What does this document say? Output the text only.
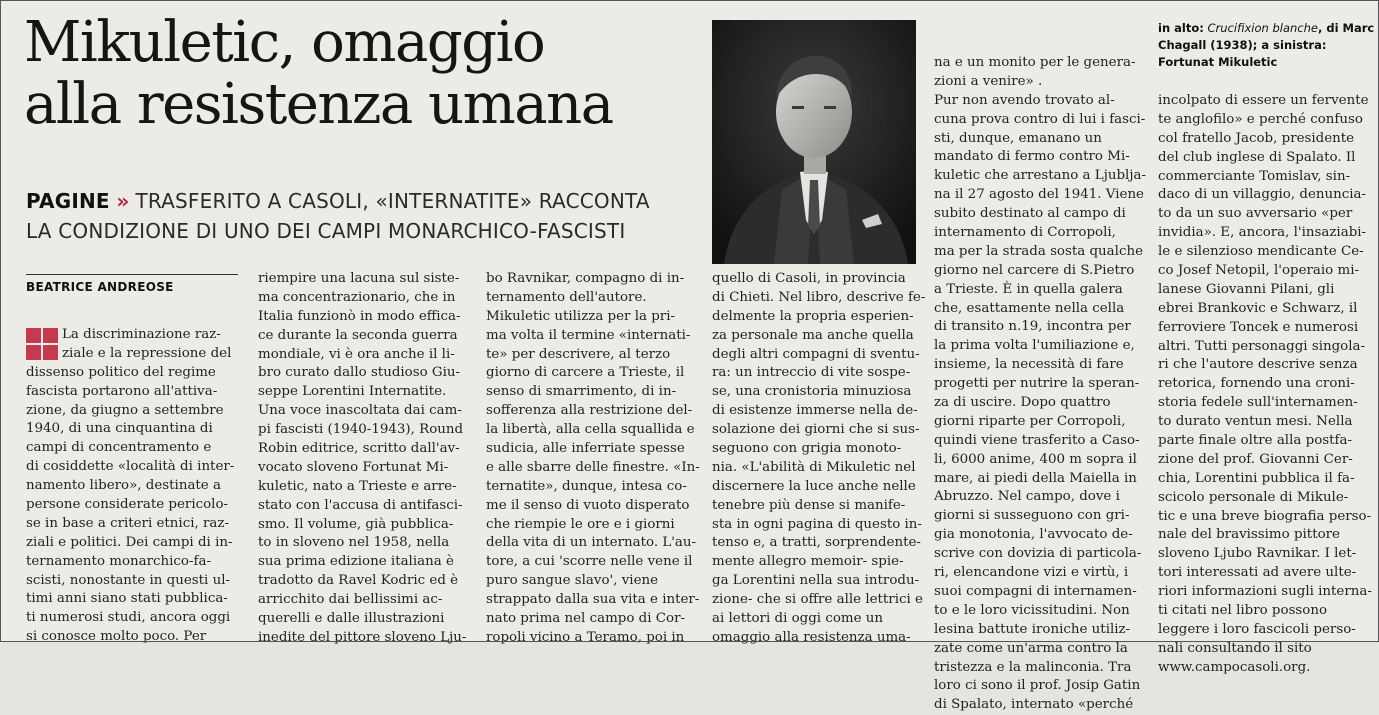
Mikuletic, omaggio
alla resistenza umana
PAGINE » TRASFERITO A CASOLI, «INTERNATITE» RACCONTA
LA CONDIZIONE DI UNO DEI CAMPI MONARCHICO-FASCISTI
BEATRICE ANDREOSE
La discriminazione raz-
ziale e la repressione del
dissenso politico del regime
fascista portarono all'attiva-
zione, da giugno a settembre
1940, di una cinquantina di
campi di concentramento e
di cosiddette «località di inter-
namento libero», destinate a
persone considerate pericolo-
se in base a criteri etnici, raz-
ziali e politici. Dei campi di in-
ternamento monarchico-fa-
scisti, nonostante in questi ul-
timi anni siano stati pubblica-
ti numerosi studi, ancora oggi
si conosce molto poco. Per
riempire una lacuna sul siste-
ma concentrazionario, che in
Italia funzionò in modo effica-
ce durante la seconda guerra
mondiale, vi è ora anche il li-
bro curato dallo studioso Giu-
seppe Lorentini Internatite.
Una voce inascoltata dai cam-
pi fascisti (1940-1943), Round
Robin editrice, scritto dall'av-
vocato sloveno Fortunat Mi-
kuletic, nato a Trieste e arre-
stato con l'accusa di antifasci-
smo. Il volume, già pubblica-
to in sloveno nel 1958, nella
sua prima edizione italiana è
tradotto da Ravel Kodric ed è
arricchito dai bellissimi ac-
querelli e dalle illustrazioni
inedite del pittore sloveno Lju-
bo Ravnikar, compagno di in-
ternamento dell'autore.
Mikuletic utilizza per la pri-
ma volta il termine «internati-
te» per descrivere, al terzo
giorno di carcere a Trieste, il
senso di smarrimento, di in-
sofferenza alla restrizione del-
la libertà, alla cella squallida e
sudicia, alle inferriate spesse
e alle sbarre delle finestre. «In-
ternatite», dunque, intesa co-
me il senso di vuoto disperato
che riempie le ore e i giorni
della vita di un internato. L'au-
tore, a cui 'scorre nelle vene il
puro sangue slavo', viene
strappato dalla sua vita e inter-
nato prima nel campo di Cor-
ropoli vicino a Teramo, poi in
quello di Casoli, in provincia
di Chieti. Nel libro, descrive fe-
delmente la propria esperien-
za personale ma anche quella
degli altri compagni di sventu-
ra: un intreccio di vite sospe-
se, una cronistoria minuziosa
di esistenze immerse nella de-
solazione dei giorni che si sus-
seguono con grigia monoto-
nia. «L'abilità di Mikuletic nel
discernere la luce anche nelle
tenebre più dense si manife-
sta in ogni pagina di questo in-
tenso e, a tratti, sorprendente-
mente allegro memoir- spie-
ga Lorentini nella sua introdu-
zione- che si offre alle lettrici e
ai lettori di oggi come un
omaggio alla resistenza uma-
na e un monito per le genera-
zioni a venire» .
Pur non avendo trovato al-
cuna prova contro di lui i fasci-
sti, dunque, emanano un
mandato di fermo contro Mi-
kuletic che arrestano a Ljublja-
na il 27 agosto del 1941. Viene
subito destinato al campo di
internamento di Corropoli,
ma per la strada sosta qualche
giorno nel carcere di S.Pietro
a Trieste. È in quella galera
che, esattamente nella cella
di transito n.19, incontra per
la prima volta l'umiliazione e,
insieme, la necessità di fare
progetti per nutrire la speran-
za di uscire. Dopo quattro
giorni riparte per Corropoli,
quindi viene trasferito a Caso-
li, 6000 anime, 400 m sopra il
mare, ai piedi della Maiella in
Abruzzo. Nel campo, dove i
giorni si susseguono con gri-
gia monotonia, l'avvocato de-
scrive con dovizia di particola-
ri, elencandone vizi e virtù, i
suoi compagni di internamen-
to e le loro vicissitudini. Non
lesina battute ironiche utiliz-
zate come un'arma contro la
tristezza e la malinconia. Tra
loro ci sono il prof. Josip Gatin
di Spalato, internato «perché
in alto: Crucifixion blanche, di Marc
Chagall (1938); a sinistra:
Fortunat Mikuletic
incolpato di essere un fervente
te anglofilo» e perché confuso
col fratello Jacob, presidente
del club inglese di Spalato. Il
commerciante Tomislav, sin-
daco di un villaggio, denuncia-
to da un suo avversario «per
invidia». E, ancora, l'insaziabi-
le e silenzioso mendicante Ce-
co Josef Netopil, l'operaio mi-
lanese Giovanni Pilani, gli
ebrei Brankovic e Schwarz, il
ferroviere Toncek e numerosi
altri. Tutti personaggi singola-
ri che l'autore descrive senza
retorica, fornendo una croni-
storia fedele sull'internamen-
to durato ventun mesi. Nella
parte finale oltre alla postfa-
zione del prof. Giovanni Cer-
chia, Lorentini pubblica il fa-
scicolo personale di Mikule-
tic e una breve biografia perso-
nale del bravissimo pittore
sloveno Ljubo Ravnikar. I let-
tori interessati ad avere ulte-
riori informazioni sugli interna-
ti citati nel libro possono
leggere i loro fascicoli perso-
nali consultando il sito
www.campocasoli.org.
